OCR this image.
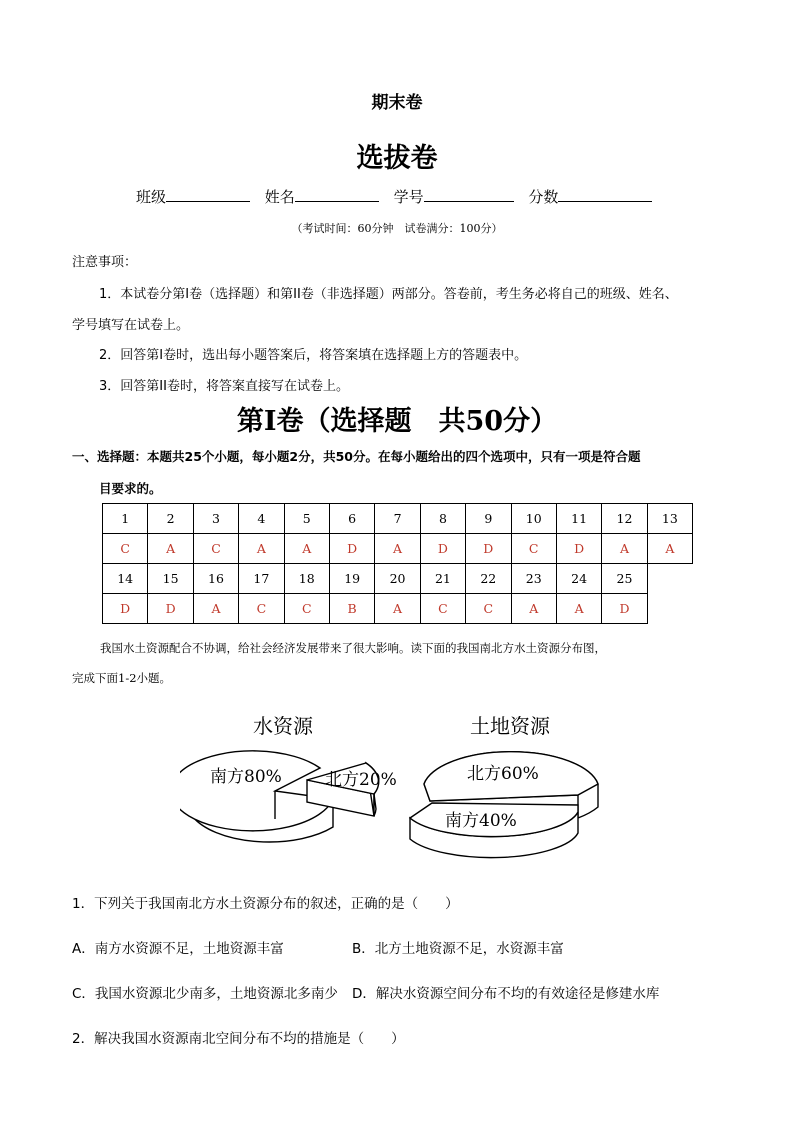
期末卷
选拔卷
班级	姓名	学号	分数
（考试时间：60分钟　试卷满分：100分）
注意事项：
1．本试卷分第I卷（选择题）和第II卷（非选择题）两部分。答卷前，考生务必将自己的班级、姓名、
学号填写在试卷上。
2．回答第I卷时，选出每小题答案后，将答案填在选择题上方的答题表中。
3．回答第II卷时，将答案直接写在试卷上。
第I卷（选择题　共50分）
一、选择题：本题共25个小题，每小题2分，共50分。在每小题给出的四个选项中，只有一项是符合题
目要求的。
1	2	3	4	5	6	7	8	9	10	11	12	13
C	A	C	A	A	D	A	D	D	C	D	A	A
14	15	16	17	18	19	20	21	22	23	24	25	
D	D	A	C	C	B	A	C	C	A	A	D	
我国水土资源配合不协调，给社会经济发展带来了很大影响。读下面的我国南北方水土资源分布图，
完成下面1-2小题。
水资源
南方80%	北方20%
土地资源
北方60%
南方40%
1．下列关于我国南北方水土资源分布的叙述，正确的是（　　）
A．南方水资源不足，土地资源丰富	B．北方土地资源不足，水资源丰富
C．我国水资源北少南多，土地资源北多南少 D．解决水资源空间分布不均的有效途径是修建水库
2．解决我国水资源南北空间分布不均的措施是（　　）
